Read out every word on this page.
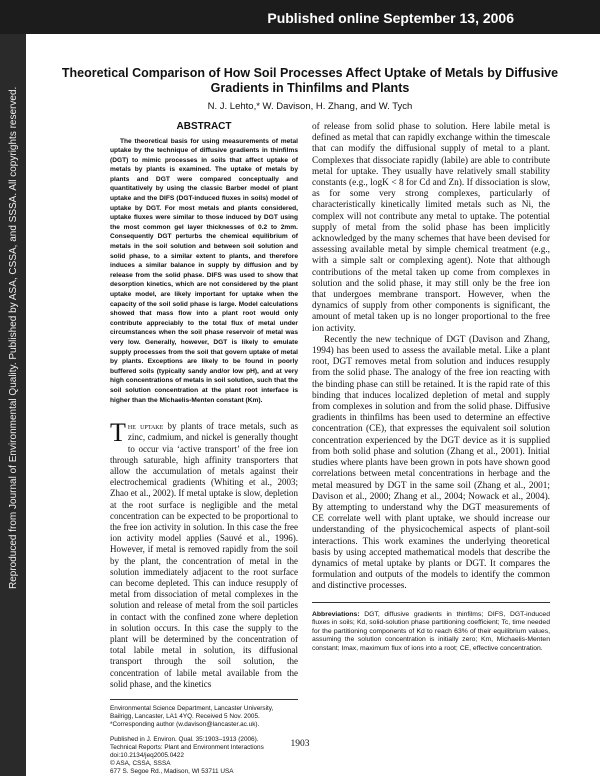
Published online September 13, 2006
Reproduced from Journal of Environmental Quality. Published by ASA, CSSA, and SSSA. All copyrights reserved.
Theoretical Comparison of How Soil Processes Affect Uptake of Metals by Diffusive Gradients in Thinfilms and Plants
N. J. Lehto,* W. Davison, H. Zhang, and W. Tych
ABSTRACT

The theoretical basis for using measurements of metal uptake by the technique of diffusive gradients in thinfilms (DGT) to mimic processes in soils that affect uptake of metals by plants is examined. The uptake of metals by plants and DGT were compared conceptually and quantitatively by using the classic Barber model of plant uptake and the DIFS (DGT-induced fluxes in soils) model of uptake by DGT. For most metals and plants considered, uptake fluxes were similar to those induced by DGT using the most common gel layer thicknesses of 0.2 to 2mm. Consequently DGT perturbs the chemical equilibrium of metals in the soil solution and between soil solution and solid phase, to a similar extent to plants, and therefore induces a similar balance in supply by diffusion and by release from the solid phase. DIFS was used to show that desorption kinetics, which are not considered by the plant uptake model, are likely important for uptake when the capacity of the soil solid phase is large. Model calculations showed that mass flow into a plant root would only contribute appreciably to the total flux of metal under circumstances when the soil phase reservoir of metal was very low. Generally, however, DGT is likely to emulate supply processes from the soil that govern uptake of metal by plants. Exceptions are likely to be found in poorly buffered soils (typically sandy and/or low pH), and at very high concentrations of metals in soil solution, such that the soil solution concentration at the plant root interface is higher than the Michaelis-Menten constant (Km).

The uptake by plants of trace metals, such as zinc, cadmium, and nickel is generally thought to occur via ‘active transport’ of the free ion through saturable, high affinity transporters that allow the accumulation of metals against their electrochemical gradients (Whiting et al., 2003; Zhao et al., 2002). If metal uptake is slow, depletion at the root surface is negligible and the metal concentration can be expected to be proportional to the free ion activity in solution. In this case the free ion activity model applies (Sauvé et al., 1996). However, if metal is removed rapidly from the soil by the plant, the concentration of metal in the solution immediately adjacent to the root surface can become depleted. This can induce resupply of metal from dissociation of metal complexes in the solution and release of metal from the soil particles in contact with the confined zone where depletion in solution occurs. In this case the supply to the plant will be determined by the concentration of total labile metal in solution, its diffusional transport through the soil solution, the concentration of labile metal available from the solid phase, and the kinetics

Environmental Science Department, Lancaster University, Bailrigg, Lancaster, LA1 4YQ. Received 5 Nov. 2005. *Corresponding author (w.davison@lancaster.ac.uk).

Published in J. Environ. Qual. 35:1903–1913 (2006).
Technical Reports: Plant and Environment Interactions
doi:10.2134/jeq2005.0422
© ASA, CSSA, SSSA
677 S. Segoe Rd., Madison, WI 53711 USA

of release from solid phase to solution. Here labile metal is defined as metal that can rapidly exchange within the timescale that can modify the diffusional supply of metal to a plant. Complexes that dissociate rapidly (labile) are able to contribute metal for uptake. They usually have relatively small stability constants (e.g., logK < 8 for Cd and Zn). If dissociation is slow, as for some very strong complexes, particularly of characteristically kinetically limited metals such as Ni, the complex will not contribute any metal to uptake. The potential supply of metal from the solid phase has been implicitly acknowledged by the many schemes that have been devised for assessing available metal by simple chemical treatment (e.g., with a simple salt or complexing agent). Note that although contributions of the metal taken up come from complexes in solution and the solid phase, it may still only be the free ion that undergoes membrane transport. However, when the dynamics of supply from other components is significant, the amount of metal taken up is no longer proportional to the free ion activity.

Recently the new technique of DGT (Davison and Zhang, 1994) has been used to assess the available metal. Like a plant root, DGT removes metal from solution and induces resupply from the solid phase. The analogy of the free ion reacting with the binding phase can still be retained. It is the rapid rate of this binding that induces localized depletion of metal and supply from complexes in solution and from the solid phase. Diffusive gradients in thinfilms has been used to determine an effective concentration (CE), that expresses the equivalent soil solution concentration experienced by the DGT device as it is supplied from both solid phase and solution (Zhang et al., 2001). Initial studies where plants have been grown in pots have shown good correlations between metal concentrations in herbage and the metal measured by DGT in the same soil (Zhang et al., 2001; Davison et al., 2000; Zhang et al., 2004; Nowack et al., 2004). By attempting to understand why the DGT measurements of CE correlate well with plant uptake, we should increase our understanding of the physicochemical aspects of plant-soil interactions. This work examines the underlying theoretical basis by using accepted mathematical models that describe the dynamics of metal uptake by plants or DGT. It compares the formulation and outputs of the models to identify the common and distinctive processes.

Abbreviations: DGT, diffusive gradients in thinfilms; DIFS, DGT-induced fluxes in soils; Kd, solid-solution phase partitioning coefficient; Tc, time needed for the partitioning components of Kd to reach 63% of their equilibrium values, assuming the solution concentration is initially zero; Km, Michaelis-Menten constant; Imax, maximum flux of ions into a root; CE, effective concentration.

1903
